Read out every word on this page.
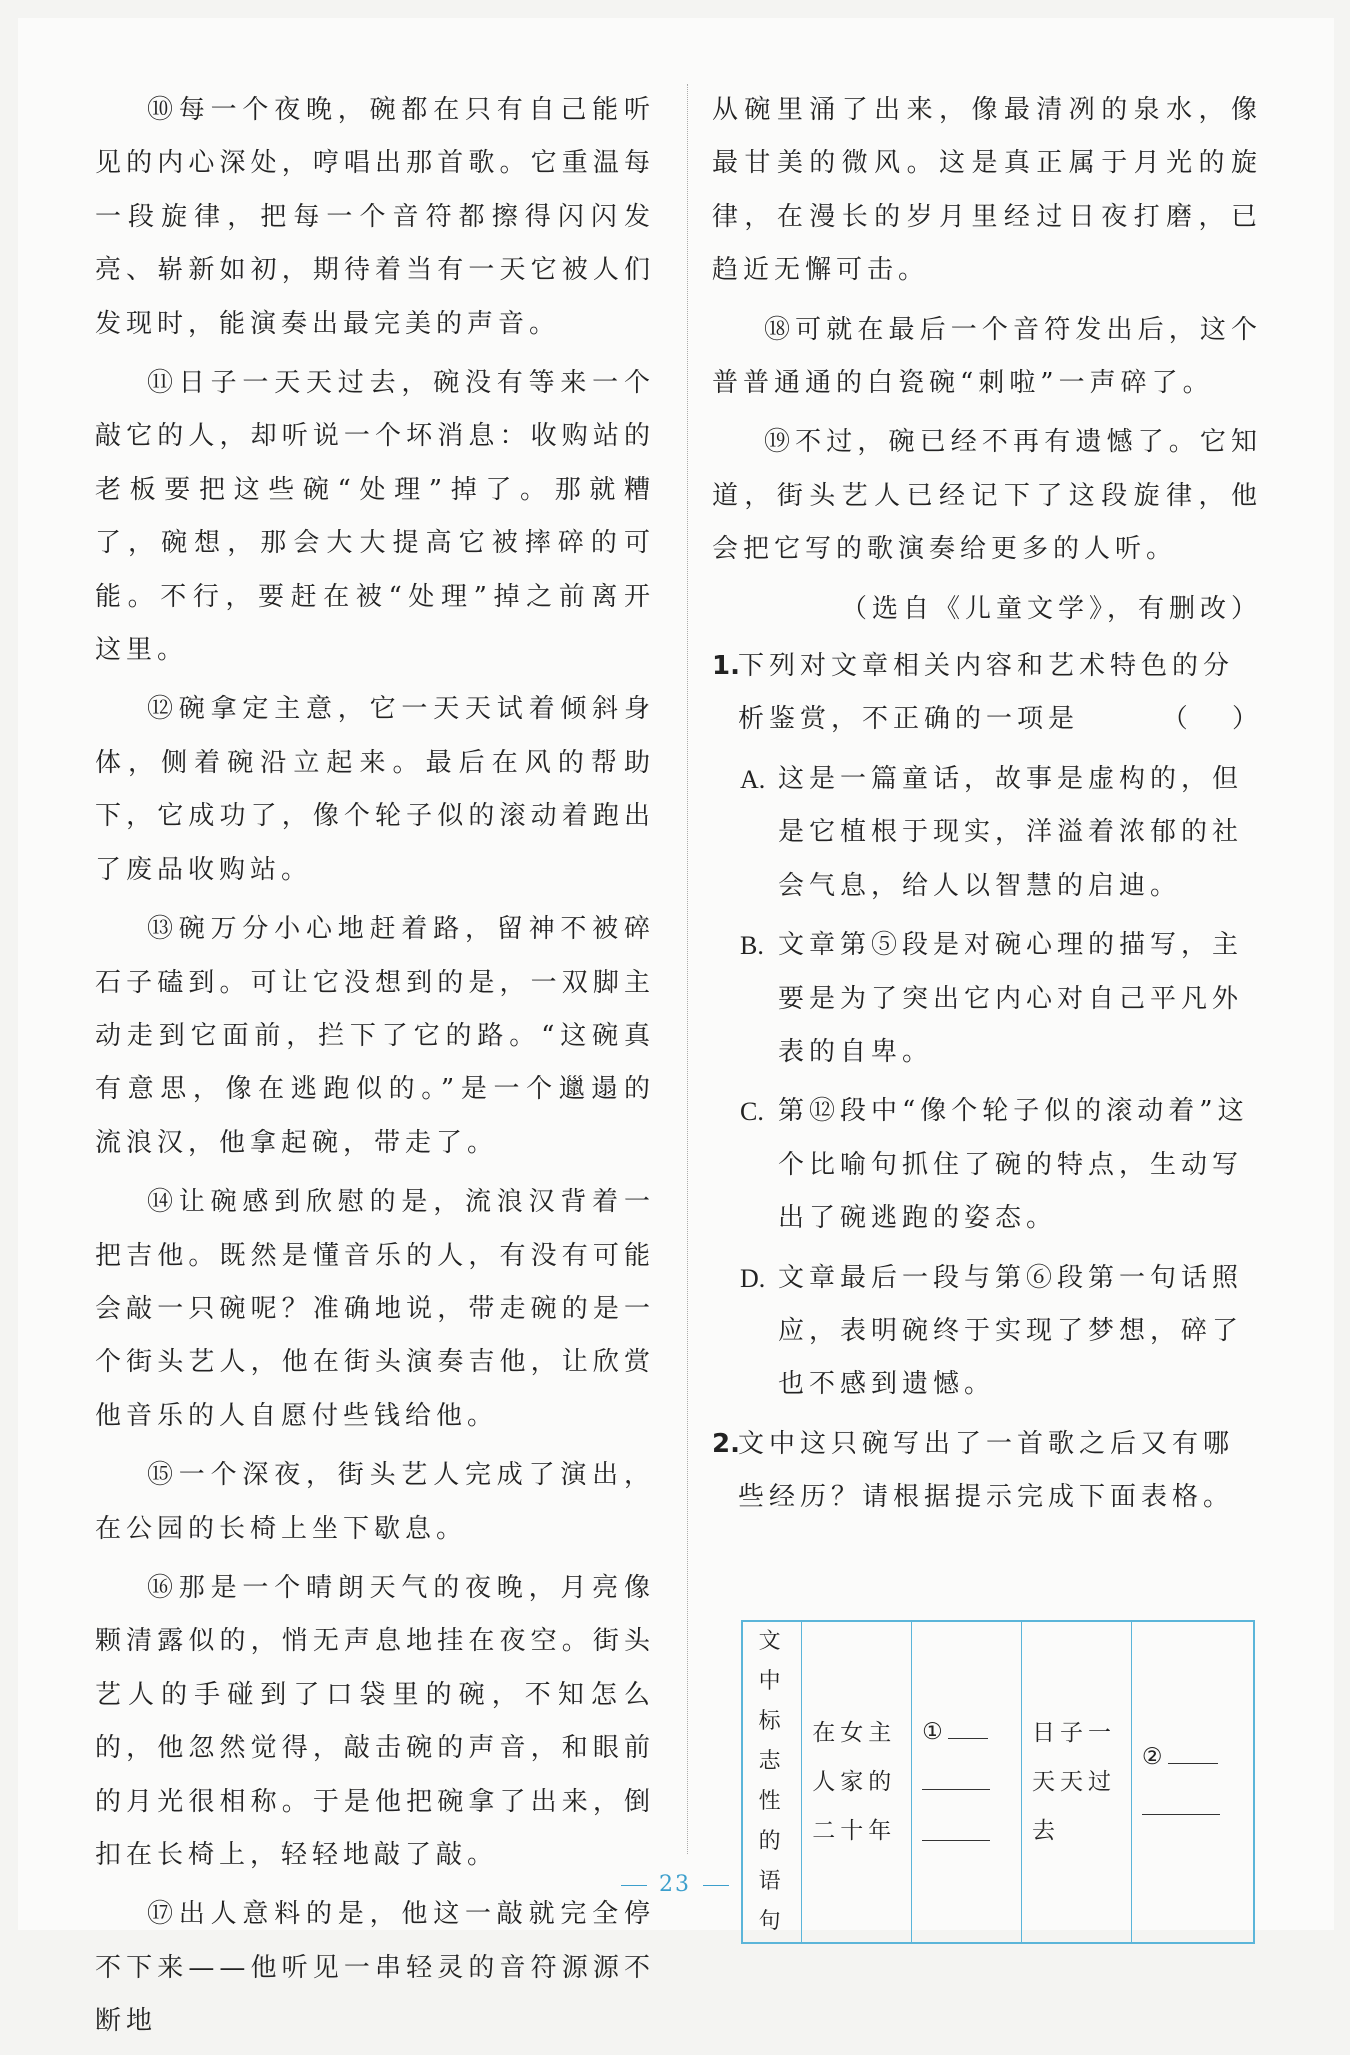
⑩每一个夜晚，碗都在只有自己能听见的内心深处，哼唱出那首歌。它重温每一段旋律，把每一个音符都擦得闪闪发亮、崭新如初，期待着当有一天它被人们发现时，能演奏出最完美的声音。

⑪日子一天天过去，碗没有等来一个敲它的人，却听说一个坏消息：收购站的老板要把这些碗“处理”掉了。那就糟了，碗想，那会大大提高它被摔碎的可能。不行，要赶在被“处理”掉之前离开这里。

⑫碗拿定主意，它一天天试着倾斜身体，侧着碗沿立起来。最后在风的帮助下，它成功了，像个轮子似的滚动着跑出了废品收购站。

⑬碗万分小心地赶着路，留神不被碎石子磕到。可让它没想到的是，一双脚主动走到它面前，拦下了它的路。“这碗真有意思，像在逃跑似的。”是一个邋遢的流浪汉，他拿起碗，带走了。

⑭让碗感到欣慰的是，流浪汉背着一把吉他。既然是懂音乐的人，有没有可能会敲一只碗呢？准确地说，带走碗的是一个街头艺人，他在街头演奏吉他，让欣赏他音乐的人自愿付些钱给他。

⑮一个深夜，街头艺人完成了演出，在公园的长椅上坐下歇息。

⑯那是一个晴朗天气的夜晚，月亮像颗清露似的，悄无声息地挂在夜空。街头艺人的手碰到了口袋里的碗，不知怎么的，他忽然觉得，敲击碗的声音，和眼前的月光很相称。于是他把碗拿了出来，倒扣在长椅上，轻轻地敲了敲。

⑰出人意料的是，他这一敲就完全停不下来——他听见一串轻灵的音符源源不断地

从碗里涌了出来，像最清冽的泉水，像最甘美的微风。这是真正属于月光的旋律，在漫长的岁月里经过日夜打磨，已趋近无懈可击。

⑱可就在最后一个音符发出后，这个普普通通的白瓷碗“刺啦”一声碎了。

⑲不过，碗已经不再有遗憾了。它知道，街头艺人已经记下了这段旋律，他会把它写的歌演奏给更多的人听。

（选自《儿童文学》，有删改）

1.
下列对文章相关内容和艺术特色的分析鉴赏，不正确的一项是	（ ）
A. 这是一篇童话，故事是虚构的，但是它植根于现实，洋溢着浓郁的社会气息，给人以智慧的启迪。
B. 文章第⑤段是对碗心理的描写，主要是为了突出它内心对自己平凡外表的自卑。
C. 第⑫段中“像个轮子似的滚动着”这个比喻句抓住了碗的特点，生动写出了碗逃跑的姿态。
D. 文章最后一段与第⑥段第一句话照应，表明碗终于实现了梦想，碎了也不感到遗憾。
2.
文中这只碗写出了一首歌之后又有哪些经历？请根据提示完成下面表格。
文中标志性的语句	在女主人家的二十年	①	日子一天天过去	②

23
